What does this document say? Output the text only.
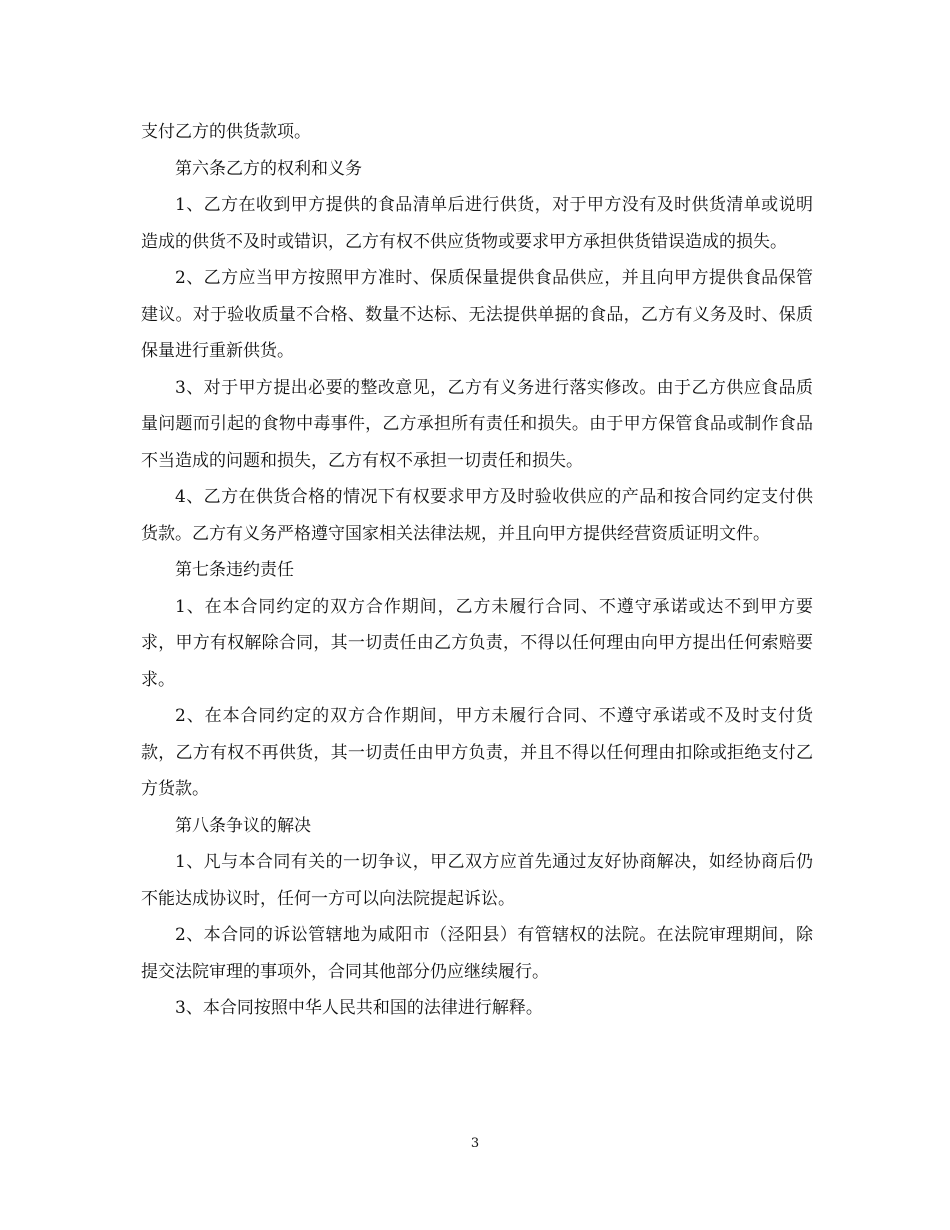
支付乙方的供货款项。

第六条乙方的权利和义务

1、乙方在收到甲方提供的食品清单后进行供货，对于甲方没有及时供货清单或说明造成的供货不及时或错识，乙方有权不供应货物或要求甲方承担供货错误造成的损失。

2、乙方应当甲方按照甲方准时、保质保量提供食品供应，并且向甲方提供食品保管建议。对于验收质量不合格、数量不达标、无法提供单据的食品，乙方有义务及时、保质保量进行重新供货。

3、对于甲方提出必要的整改意见，乙方有义务进行落实修改。由于乙方供应食品质量问题而引起的食物中毒事件，乙方承担所有责任和损失。由于甲方保管食品或制作食品不当造成的问题和损失，乙方有权不承担一切责任和损失。

4、乙方在供货合格的情况下有权要求甲方及时验收供应的产品和按合同约定支付供货款。乙方有义务严格遵守国家相关法律法规，并且向甲方提供经营资质证明文件。

第七条违约责任

1、在本合同约定的双方合作期间，乙方未履行合同、不遵守承诺或达不到甲方要求，甲方有权解除合同，其一切责任由乙方负责，不得以任何理由向甲方提出任何索赔要求。

2、在本合同约定的双方合作期间，甲方未履行合同、不遵守承诺或不及时支付货款，乙方有权不再供货，其一切责任由甲方负责，并且不得以任何理由扣除或拒绝支付乙方货款。

第八条争议的解决

1、凡与本合同有关的一切争议，甲乙双方应首先通过友好协商解决，如经协商后仍不能达成协议时，任何一方可以向法院提起诉讼。

2、本合同的诉讼管辖地为咸阳市（泾阳县）有管辖权的法院。在法院审理期间，除提交法院审理的事项外，合同其他部分仍应继续履行。

3、本合同按照中华人民共和国的法律进行解释。

3
